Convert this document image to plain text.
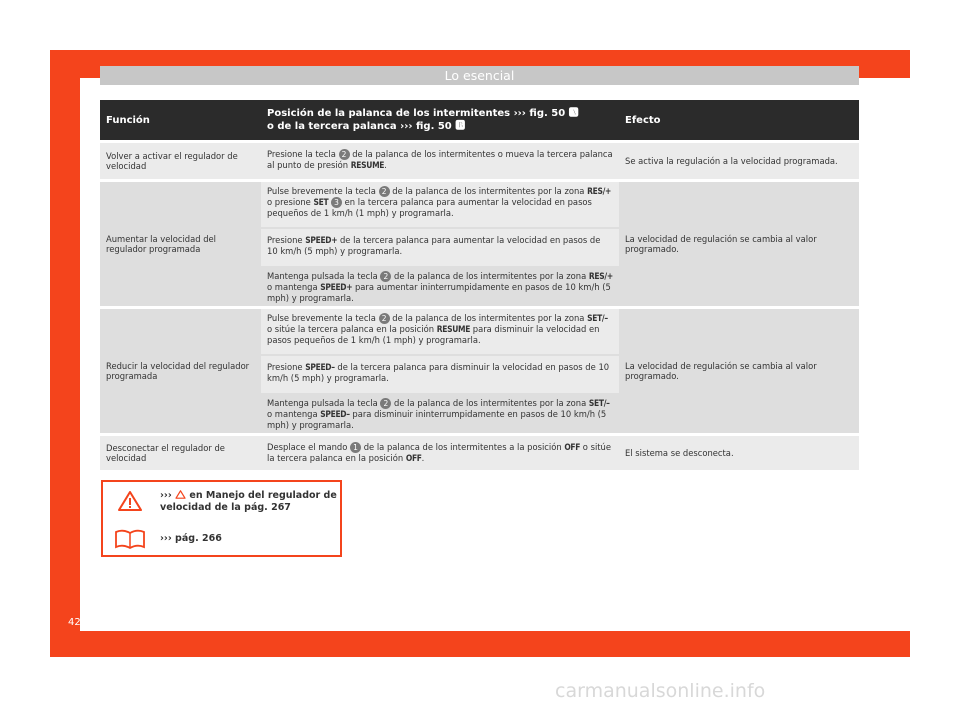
Lo esencial
Función
Posición de la palanca de los intermitentes ››› fig. 50 🅰
o de la tercera palanca ››› fig. 50 🅱
Efecto
Volver a activar el regulador de velocidad
Presione la tecla 2 de la palanca de los intermitentes o mueva la tercera palanca al punto de presión RESUME.	Se activa la regulación a la velocidad programada.
Aumentar la velocidad del regulador programada
Pulse brevemente la tecla 2 de la palanca de los intermitentes por la zona RES/+ o presione SET 3 en la tercera palanca para aumentar la velocidad en pasos pequeños de 1 km/h (1 mph) y programarla.
Presione SPEED+ de la tercera palanca para aumentar la velocidad en pasos de 10 km/h (5 mph) y programarla.
Mantenga pulsada la tecla 2 de la palanca de los intermitentes por la zona RES/+ o mantenga SPEED+ para aumentar ininterrumpidamente en pasos de 10 km/h (5 mph) y programarla.
La velocidad de regulación se cambia al valor programado.
Reducir la velocidad del regulador programada
Pulse brevemente la tecla 2 de la palanca de los intermitentes por la zona SET/– o sitúe la tercera palanca en la posición RESUME para disminuir la velocidad en pasos pequeños de 1 km/h (1 mph) y programarla.
Presione SPEED– de la tercera palanca para disminuir la velocidad en pasos de 10 km/h (5 mph) y programarla.
Mantenga pulsada la tecla 2 de la palanca de los intermitentes por la zona SET/– o mantenga SPEED– para disminuir ininterrumpidamente en pasos de 10 km/h (5 mph) y programarla.
La velocidad de regulación se cambia al valor programado.
Desconectar el regulador de velocidad
Desplace el mando 1 de la palanca de los intermitentes a la posición OFF o sitúe la tercera palanca en la posición OFF.
El sistema se desconecta.
››› en Manejo del regulador de velocidad de la pág. 267
››› pág. 266
42
carmanualsonline.info
